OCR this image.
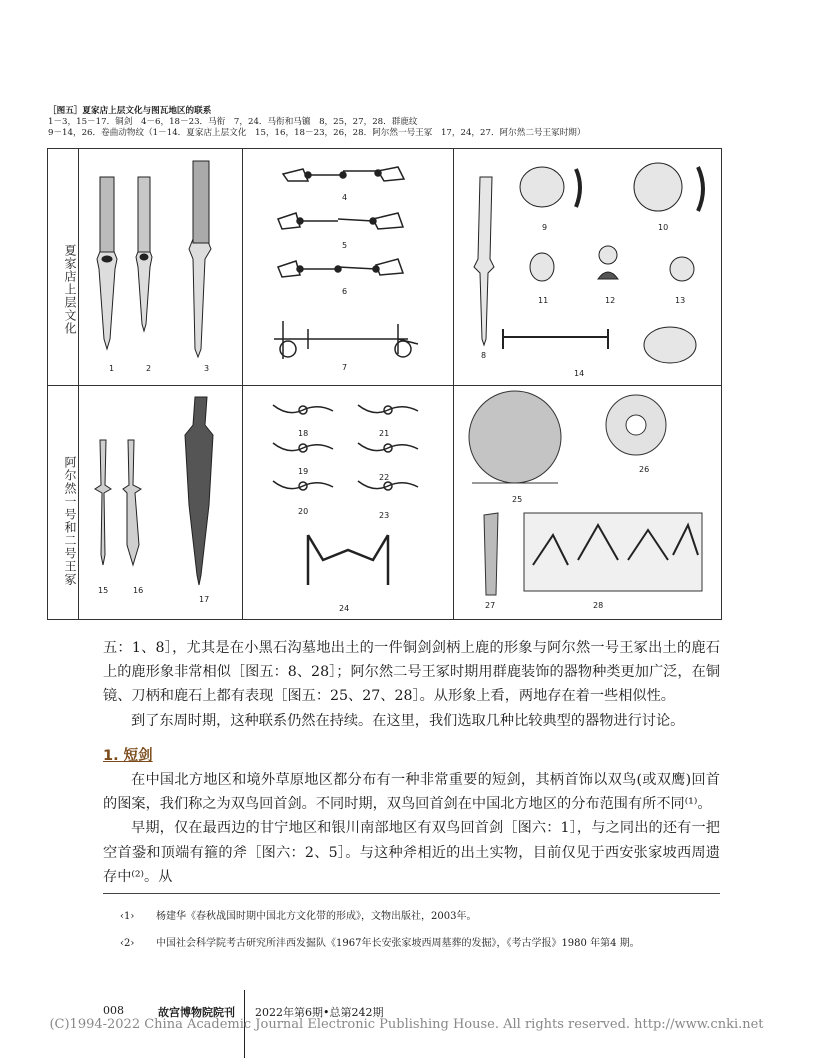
［图五］夏家店上层文化与图瓦地区的联系
1－3，15－17．铜剑　4－6，18－23．马衔　7，24．马衔和马镳　8，25，27，28．群鹿纹
9－14，26．卷曲动物纹（1－14．夏家店上层文化　15，16，18－23，26，28．阿尔然一号王冢　17，24，27．阿尔然二号王冢时期）
夏家店上层文化
阿尔然一号和二号王冢
1	2	3
4
5
6
7
8
9	10
11	12	13
14
15	16
17
18
19
20
21
22
23
24
25
26
27	28

五：1、8］，尤其是在小黑石沟墓地出土的一件铜剑剑柄上鹿的形象与阿尔然一号王冢出土的鹿石上的鹿形象非常相似［图五：8、28］；阿尔然二号王冢时期用群鹿装饰的器物种类更加广泛，在铜镜、刀柄和鹿石上都有表现［图五：25、27、28］。从形象上看，两地存在着一些相似性。

到了东周时期，这种联系仍然在持续。在这里，我们选取几种比较典型的器物进行讨论。

1. 短剑

在中国北方地区和境外草原地区都分布有一种非常重要的短剑，其柄首饰以双鸟(或双鹰)回首的图案，我们称之为双鸟回首剑。不同时期，双鸟回首剑在中国北方地区的分布范围有所不同⁽¹⁾。

早期，仅在最西边的甘宁地区和银川南部地区有双鸟回首剑［图六：1］，与之同出的还有一把空首銎和顶端有箍的斧［图六：2、5］。与这种斧相近的出土实物，目前仅见于西安张家坡西周遗存中⁽²⁾。从

‹1› 杨建华《春秋战国时期中国北方文化带的形成》，文物出版社，2003年。
‹2› 中国社会科学院考古研究所沣西发掘队《1967年长安张家坡西周墓葬的发掘》，《考古学报》1980 年第4 期。
008	故宫博物院院刊 2022年第6期•总第242期
(C)1994-2022 China Academic Journal Electronic Publishing House. All rights reserved. http://www.cnki.net
